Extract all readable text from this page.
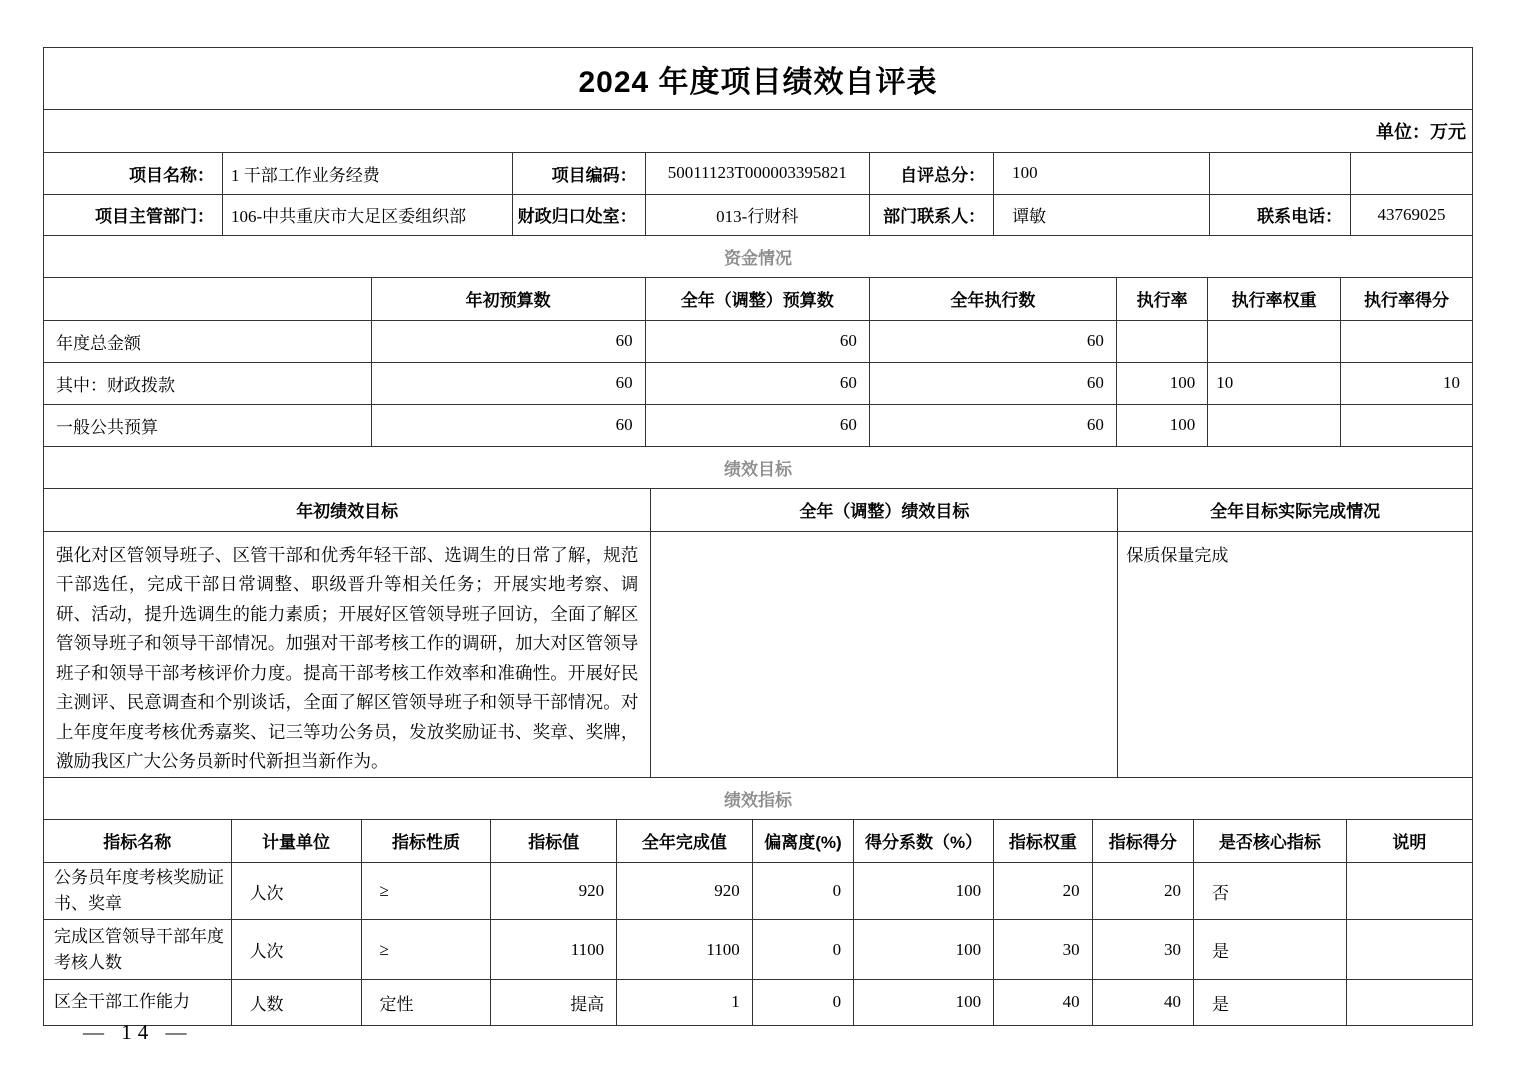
2024 年度项目绩效自评表
单位：万元
项目名称：	1 干部工作业务经费	项目编码：	50011123T000003395821	自评总分：	100		
项目主管部门：	106-中共重庆市大足区委组织部	财政归口处室：	013-行财科	部门联系人：	谭敏	联系电话：	43769025
资金情况
	年初预算数	全年（调整）预算数	全年执行数	执行率	执行率权重	执行率得分
年度总金额	60	60	60			
其中：财政拨款	60	60	60	100	10	10
一般公共预算	60	60	60	100		
绩效目标
年初绩效目标	全年（调整）绩效目标	全年目标实际完成情况
强化对区管领导班子、区管干部和优秀年轻干部、选调生的日常了解，规范干部选任，完成干部日常调整、职级晋升等相关任务；开展实地考察、调研、活动，提升选调生的能力素质；开展好区管领导班子回访，全面了解区管领导班子和领导干部情况。加强对干部考核工作的调研，加大对区管领导班子和领导干部考核评价力度。提高干部考核工作效率和准确性。开展好民主测评、民意调查和个别谈话，全面了解区管领导班子和领导干部情况。对上年度年度考核优秀嘉奖、记三等功公务员，发放奖励证书、奖章、奖牌，激励我区广大公务员新时代新担当新作为。		保质保量完成
绩效指标
指标名称	计量单位	指标性质	指标值	全年完成值	偏离度(%)	得分系数（%）	指标权重	指标得分	是否核心指标	说明
公务员年度考核奖励证书、奖章	人次	≥	920	920	0	100	20	20	否	
完成区管领导干部年度考核人数	人次	≥	1100	1100	0	100	30	30	是	
区全干部工作能力	人数	定性	提高	1	0	100	40	40	是	
— 14 —
